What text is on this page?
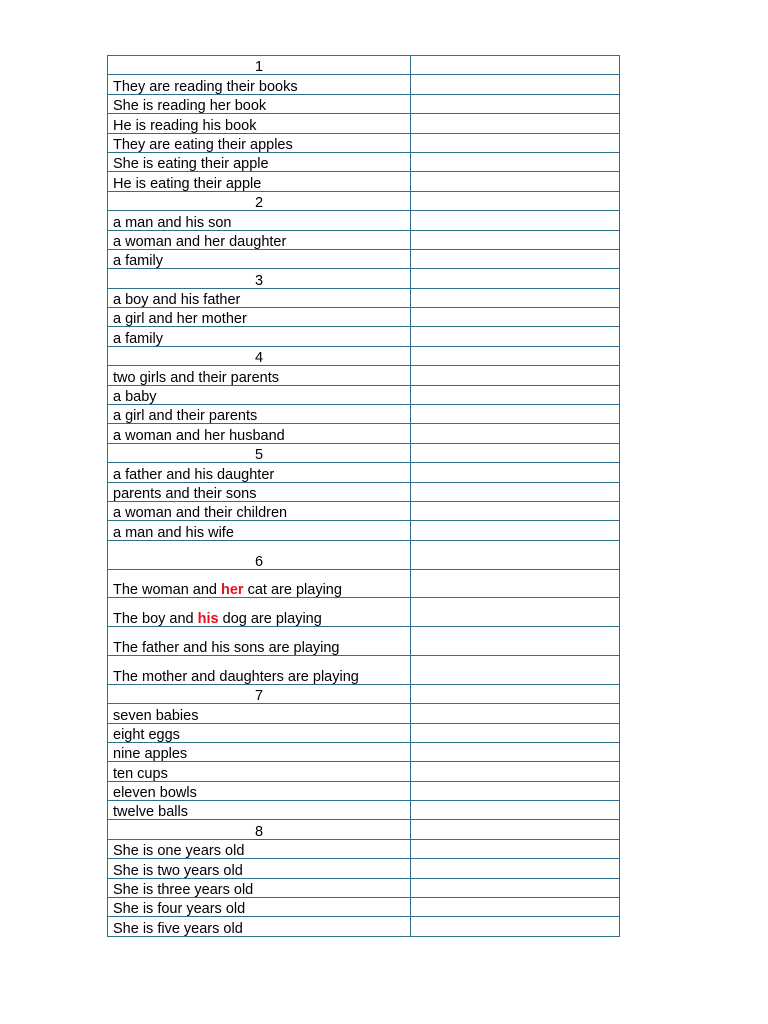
1	
They are reading their books	
She is reading her book	
He is reading his book	
They are eating their apples	
She is eating their apple	
He is eating their apple	
2	
a man and his son	
a woman and her daughter	
a family	
3	
a boy and his father	
a girl and her mother	
a family	
4	
two girls and their parents	
a baby	
a girl and their parents	
a woman and her husband	
5	
a father and his daughter	
parents and their sons	
a woman and their children	
a man and his wife	
6	
The woman and her cat are playing	
The boy and his dog are playing	
The father and his sons are playing	
The mother and daughters are playing	
7	
seven babies	
eight eggs	
nine apples	
ten cups	
eleven bowls	
twelve balls	
8	
She is one years old	
She is two years old	
She is three years old	
She is four years old	
She is five years old	
